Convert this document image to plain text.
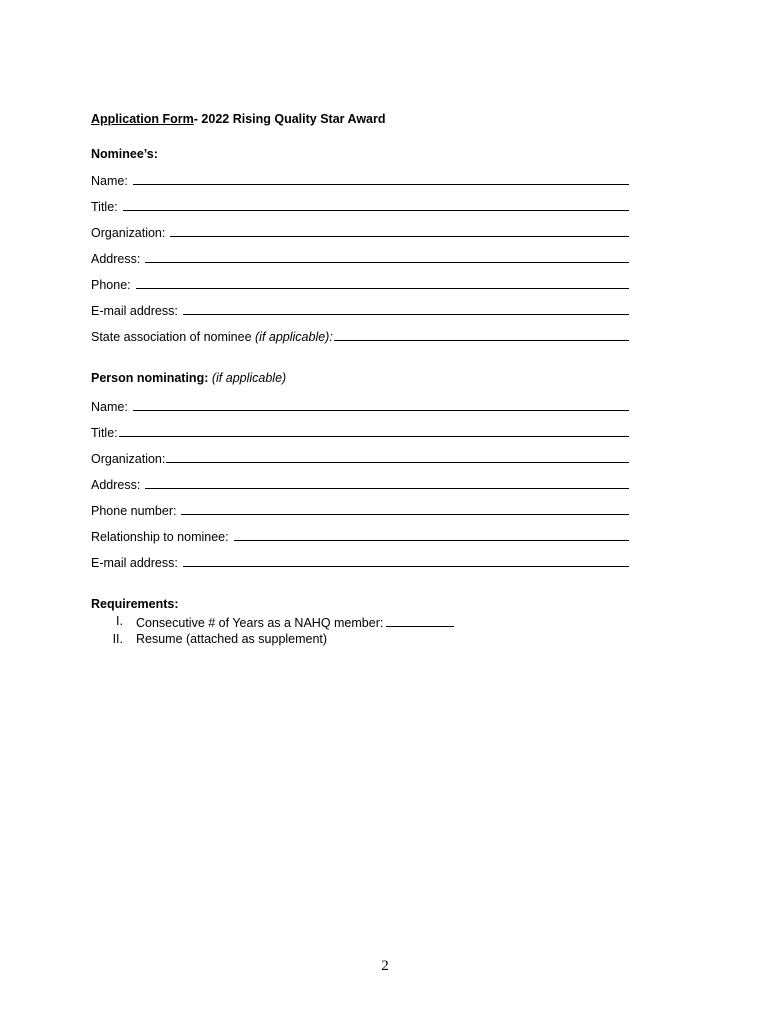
Application Form- 2022 Rising Quality Star Award
Nominee’s:
Name:
Title:
Organization:
Address:
Phone:
E-mail address:
State association of nominee (if applicable):
Person nominating: (if applicable)
Name:
Title:
Organization:
Address:
Phone number:
Relationship to nominee:
E-mail address:
Requirements:
I. Consecutive # of Years as a NAHQ member:
II. Resume (attached as supplement)
2
